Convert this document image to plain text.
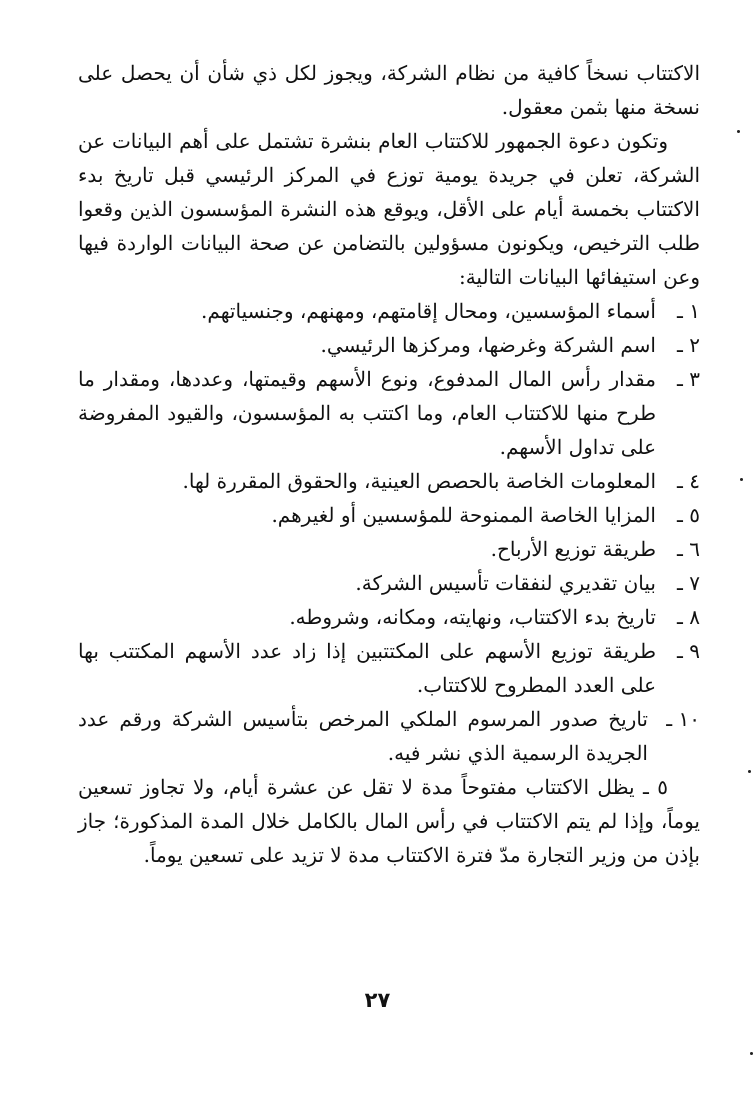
الاكتتاب نسخاً كافية من نظام الشركة، ويجوز لكل ذي شأن أن يحصل على نسخة منها بثمن معقول.

وتكون دعوة الجمهور للاكتتاب العام بنشرة تشتمل على أهم البيانات عن الشركة، تعلن في جريدة يومية توزع في المركز الرئيسي قبل تاريخ بدء الاكتتاب بخمسة أيام على الأقل، ويوقع هذه النشرة المؤسسون الذين وقعوا طلب الترخيص، ويكونون مسؤولين بالتضامن عن صحة البيانات الواردة فيها وعن استيفائها البيانات التالية:

١ ـ
أسماء المؤسسين، ومحال إقامتهم، ومهنهم، وجنسياتهم.
٢ ـ
اسم الشركة وغرضها، ومركزها الرئيسي.
٣ ـ
مقدار رأس المال المدفوع، ونوع الأسهم وقيمتها، وعددها، ومقدار ما طرح منها للاكتتاب العام، وما اكتتب به المؤسسون، والقيود المفروضة على تداول الأسهم.
٤ ـ
المعلومات الخاصة بالحصص العينية، والحقوق المقررة لها.
٥ ـ
المزايا الخاصة الممنوحة للمؤسسين أو لغيرهم.
٦ ـ
طريقة توزيع الأرباح.
٧ ـ
بيان تقديري لنفقات تأسيس الشركة.
٨ ـ
تاريخ بدء الاكتتاب، ونهايته، ومكانه، وشروطه.
٩ ـ
طريقة توزيع الأسهم على المكتتبين إذا زاد عدد الأسهم المكتتب بها على العدد المطروح للاكتتاب.
١٠ ـ
تاريخ صدور المرسوم الملكي المرخص بتأسيس الشركة ورقم عدد الجريدة الرسمية الذي نشر فيه.

٥ ـ يظل الاكتتاب مفتوحاً مدة لا تقل عن عشرة أيام، ولا تجاوز تسعين يوماً، وإذا لم يتم الاكتتاب في رأس المال بالكامل خلال المدة المذكورة؛ جاز بإذن من وزير التجارة مدّ فترة الاكتتاب مدة لا تزيد على تسعين يوماً.

٢٧
